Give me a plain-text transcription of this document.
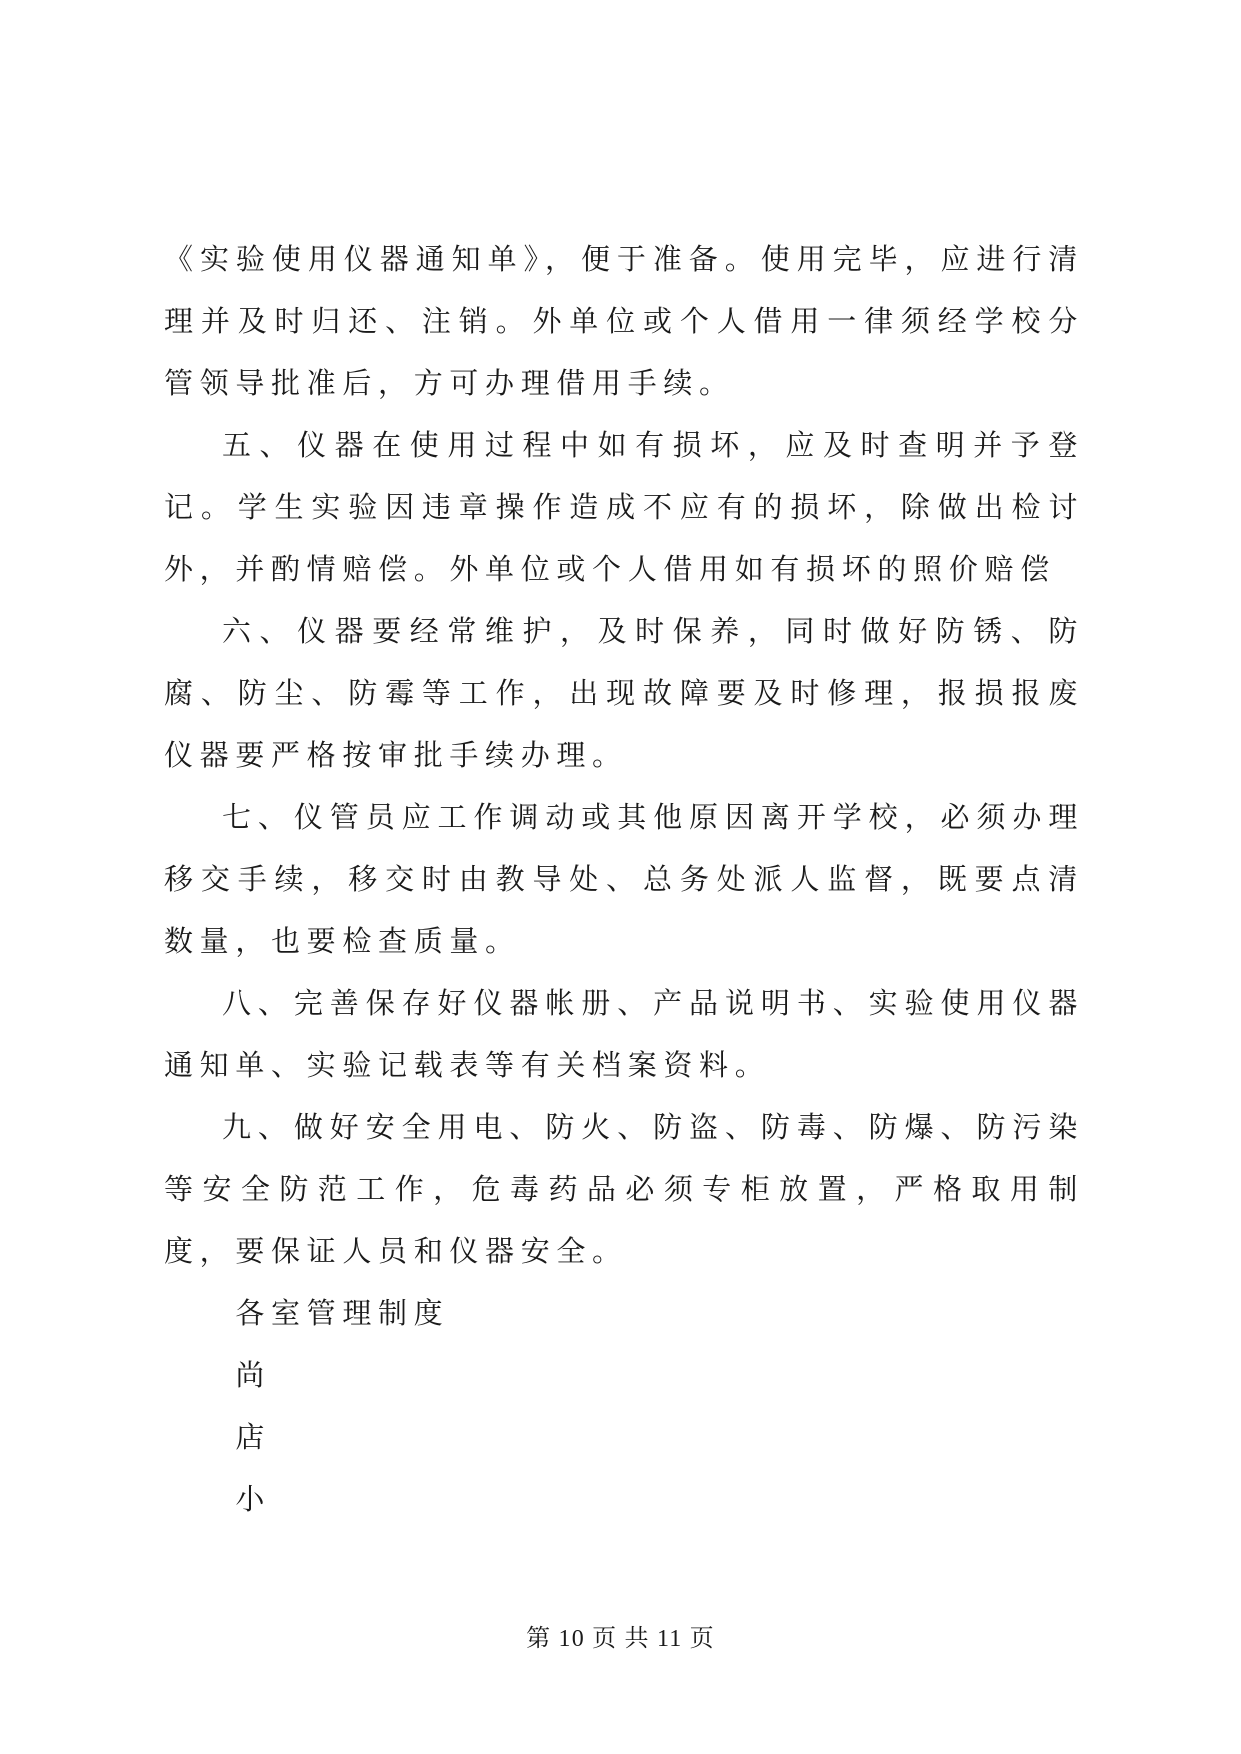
《实验使用仪器通知单》，便于准备。使用完毕，应进行清理并及时归还、注销。外单位或个人借用一律须经学校分管领导批准后，方可办理借用手续。

五、仪器在使用过程中如有损坏，应及时查明并予登记。学生实验因违章操作造成不应有的损坏，除做出检讨外，并酌情赔偿。外单位或个人借用如有损坏的照价赔偿

六、仪器要经常维护，及时保养，同时做好防锈、防腐、防尘、防霉等工作，出现故障要及时修理，报损报废仪器要严格按审批手续办理。

七、仪管员应工作调动或其他原因离开学校，必须办理移交手续，移交时由教导处、总务处派人监督，既要点清数量，也要检查质量。

八、完善保存好仪器帐册、产品说明书、实验使用仪器通知单、实验记载表等有关档案资料。

九、做好安全用电、防火、防盗、防毒、防爆、防污染等安全防范工作，危毒药品必须专柜放置，严格取用制度，要保证人员和仪器安全。

各室管理制度

尚

店

小

第 10 页 共 11 页
